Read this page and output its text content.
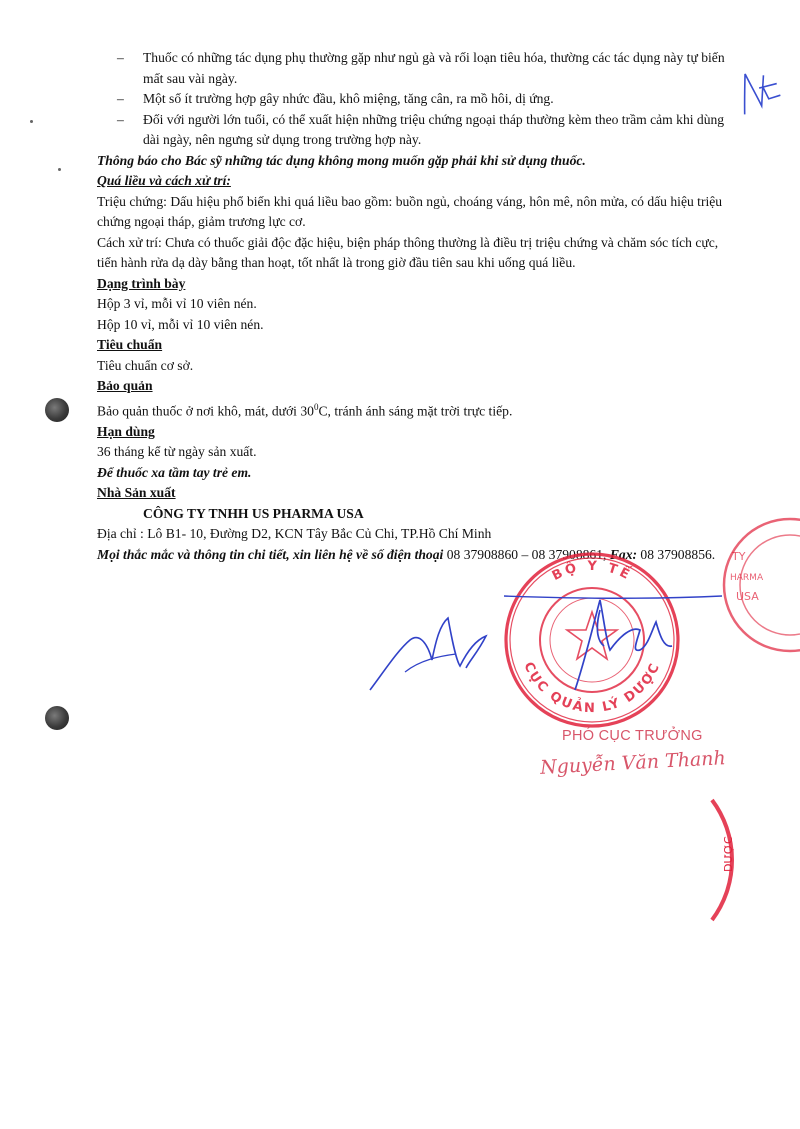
– Thuốc có những tác dụng phụ thường gặp như ngủ gà và rối loạn tiêu hóa, thường các tác dụng này tự biến mất sau vài ngày.
– Một số ít trường hợp gây nhức đầu, khô miệng, tăng cân, ra mồ hôi, dị ứng.
– Đối với người lớn tuổi, có thể xuất hiện những triệu chứng ngoại tháp thường kèm theo trầm cảm khi dùng dài ngày, nên ngưng sử dụng trong trường hợp này.

Thông báo cho Bác sỹ những tác dụng không mong muốn gặp phải khi sử dụng thuốc.

Quá liều và cách xử trí:

Triệu chứng: Dấu hiệu phổ biến khi quá liều bao gồm: buồn ngủ, choáng váng, hôn mê, nôn mửa, có dấu hiệu triệu chứng ngoại tháp, giảm trương lực cơ.

Cách xử trí: Chưa có thuốc giải độc đặc hiệu, biện pháp thông thường là điều trị triệu chứng và chăm sóc tích cực, tiến hành rửa dạ dày bằng than hoạt, tốt nhất là trong giờ đầu tiên sau khi uống quá liều.

Dạng trình bày

Hộp 3 vỉ, mỗi vỉ 10 viên nén.

Hộp 10 vỉ, mỗi vỉ 10 viên nén.

Tiêu chuẩn

Tiêu chuẩn cơ sở.

Bảo quản

Bảo quản thuốc ở nơi khô, mát, dưới $30^0C$, tránh ánh sáng mặt trời trực tiếp.

Hạn dùng

36 tháng kể từ ngày sản xuất.

Để thuốc xa tầm tay trẻ em.

Nhà Sản xuất

CÔNG TY TNHH US PHARMA USA

Địa chỉ : Lô B1- 10, Đường D2, KCN Tây Bắc Củ Chi, TP.Hồ Chí Minh

Mọi thắc mắc và thông tin chi tiết, xin liên hệ về số điện thoại 08 37908860 – 08 37908861, Fax: 08 37908856.	TY
HARMA
USA
BỘ Y TẾ
CỤC QUẢN LÝ DƯỢC
DƯỢC
PHÓ CỤC TRƯỞNG
Nguyễn Văn Thanh
